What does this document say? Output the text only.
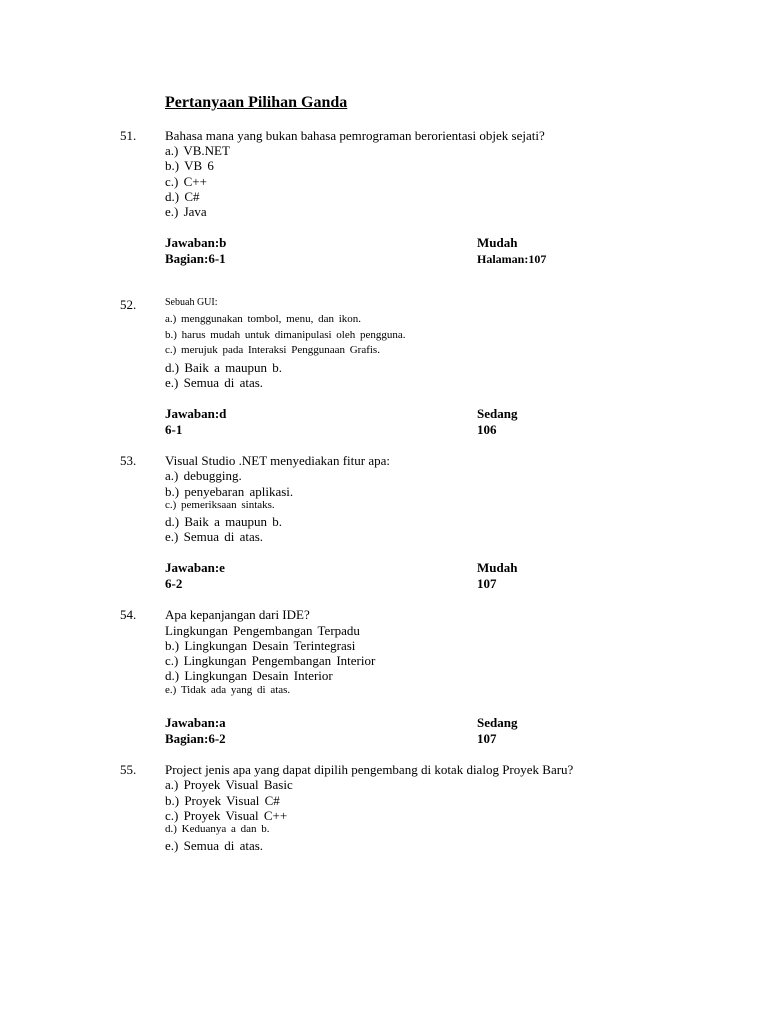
Pertanyaan Pilihan Ganda
51. Bahasa mana yang bukan bahasa pemrograman berorientasi objek sejati?
a.) VB.NET
b.) VB 6
c.) C++
d.) C#
e.) Java
Jawaban:b	Mudah
Bagian:6-1	Halaman:107
52.	Sebuah GUI:
a.) menggunakan tombol, menu, dan ikon.
b.) harus mudah untuk dimanipulasi oleh pengguna.
c.) merujuk pada Interaksi Penggunaan Grafis.
d.) Baik a maupun b.
e.) Semua di atas.
Jawaban:d	Sedang
6-1	106
53. Visual Studio .NET menyediakan fitur apa:
a.) debugging.
b.) penyebaran aplikasi.
c.) pemeriksaan sintaks.
d.) Baik a maupun b.
e.) Semua di atas.
Jawaban:e	Mudah
6-2	107
54. Apa kepanjangan dari IDE?
Lingkungan Pengembangan Terpadu
b.) Lingkungan Desain Terintegrasi
c.) Lingkungan Pengembangan Interior
d.) Lingkungan Desain Interior
e.) Tidak ada yang di atas.
Jawaban:a	Sedang
Bagian:6-2	107
55. Project jenis apa yang dapat dipilih pengembang di kotak dialog Proyek Baru?
a.) Proyek Visual Basic
b.) Proyek Visual C#
c.) Proyek Visual C++
d.) Keduanya a dan b.
e.) Semua di atas.
